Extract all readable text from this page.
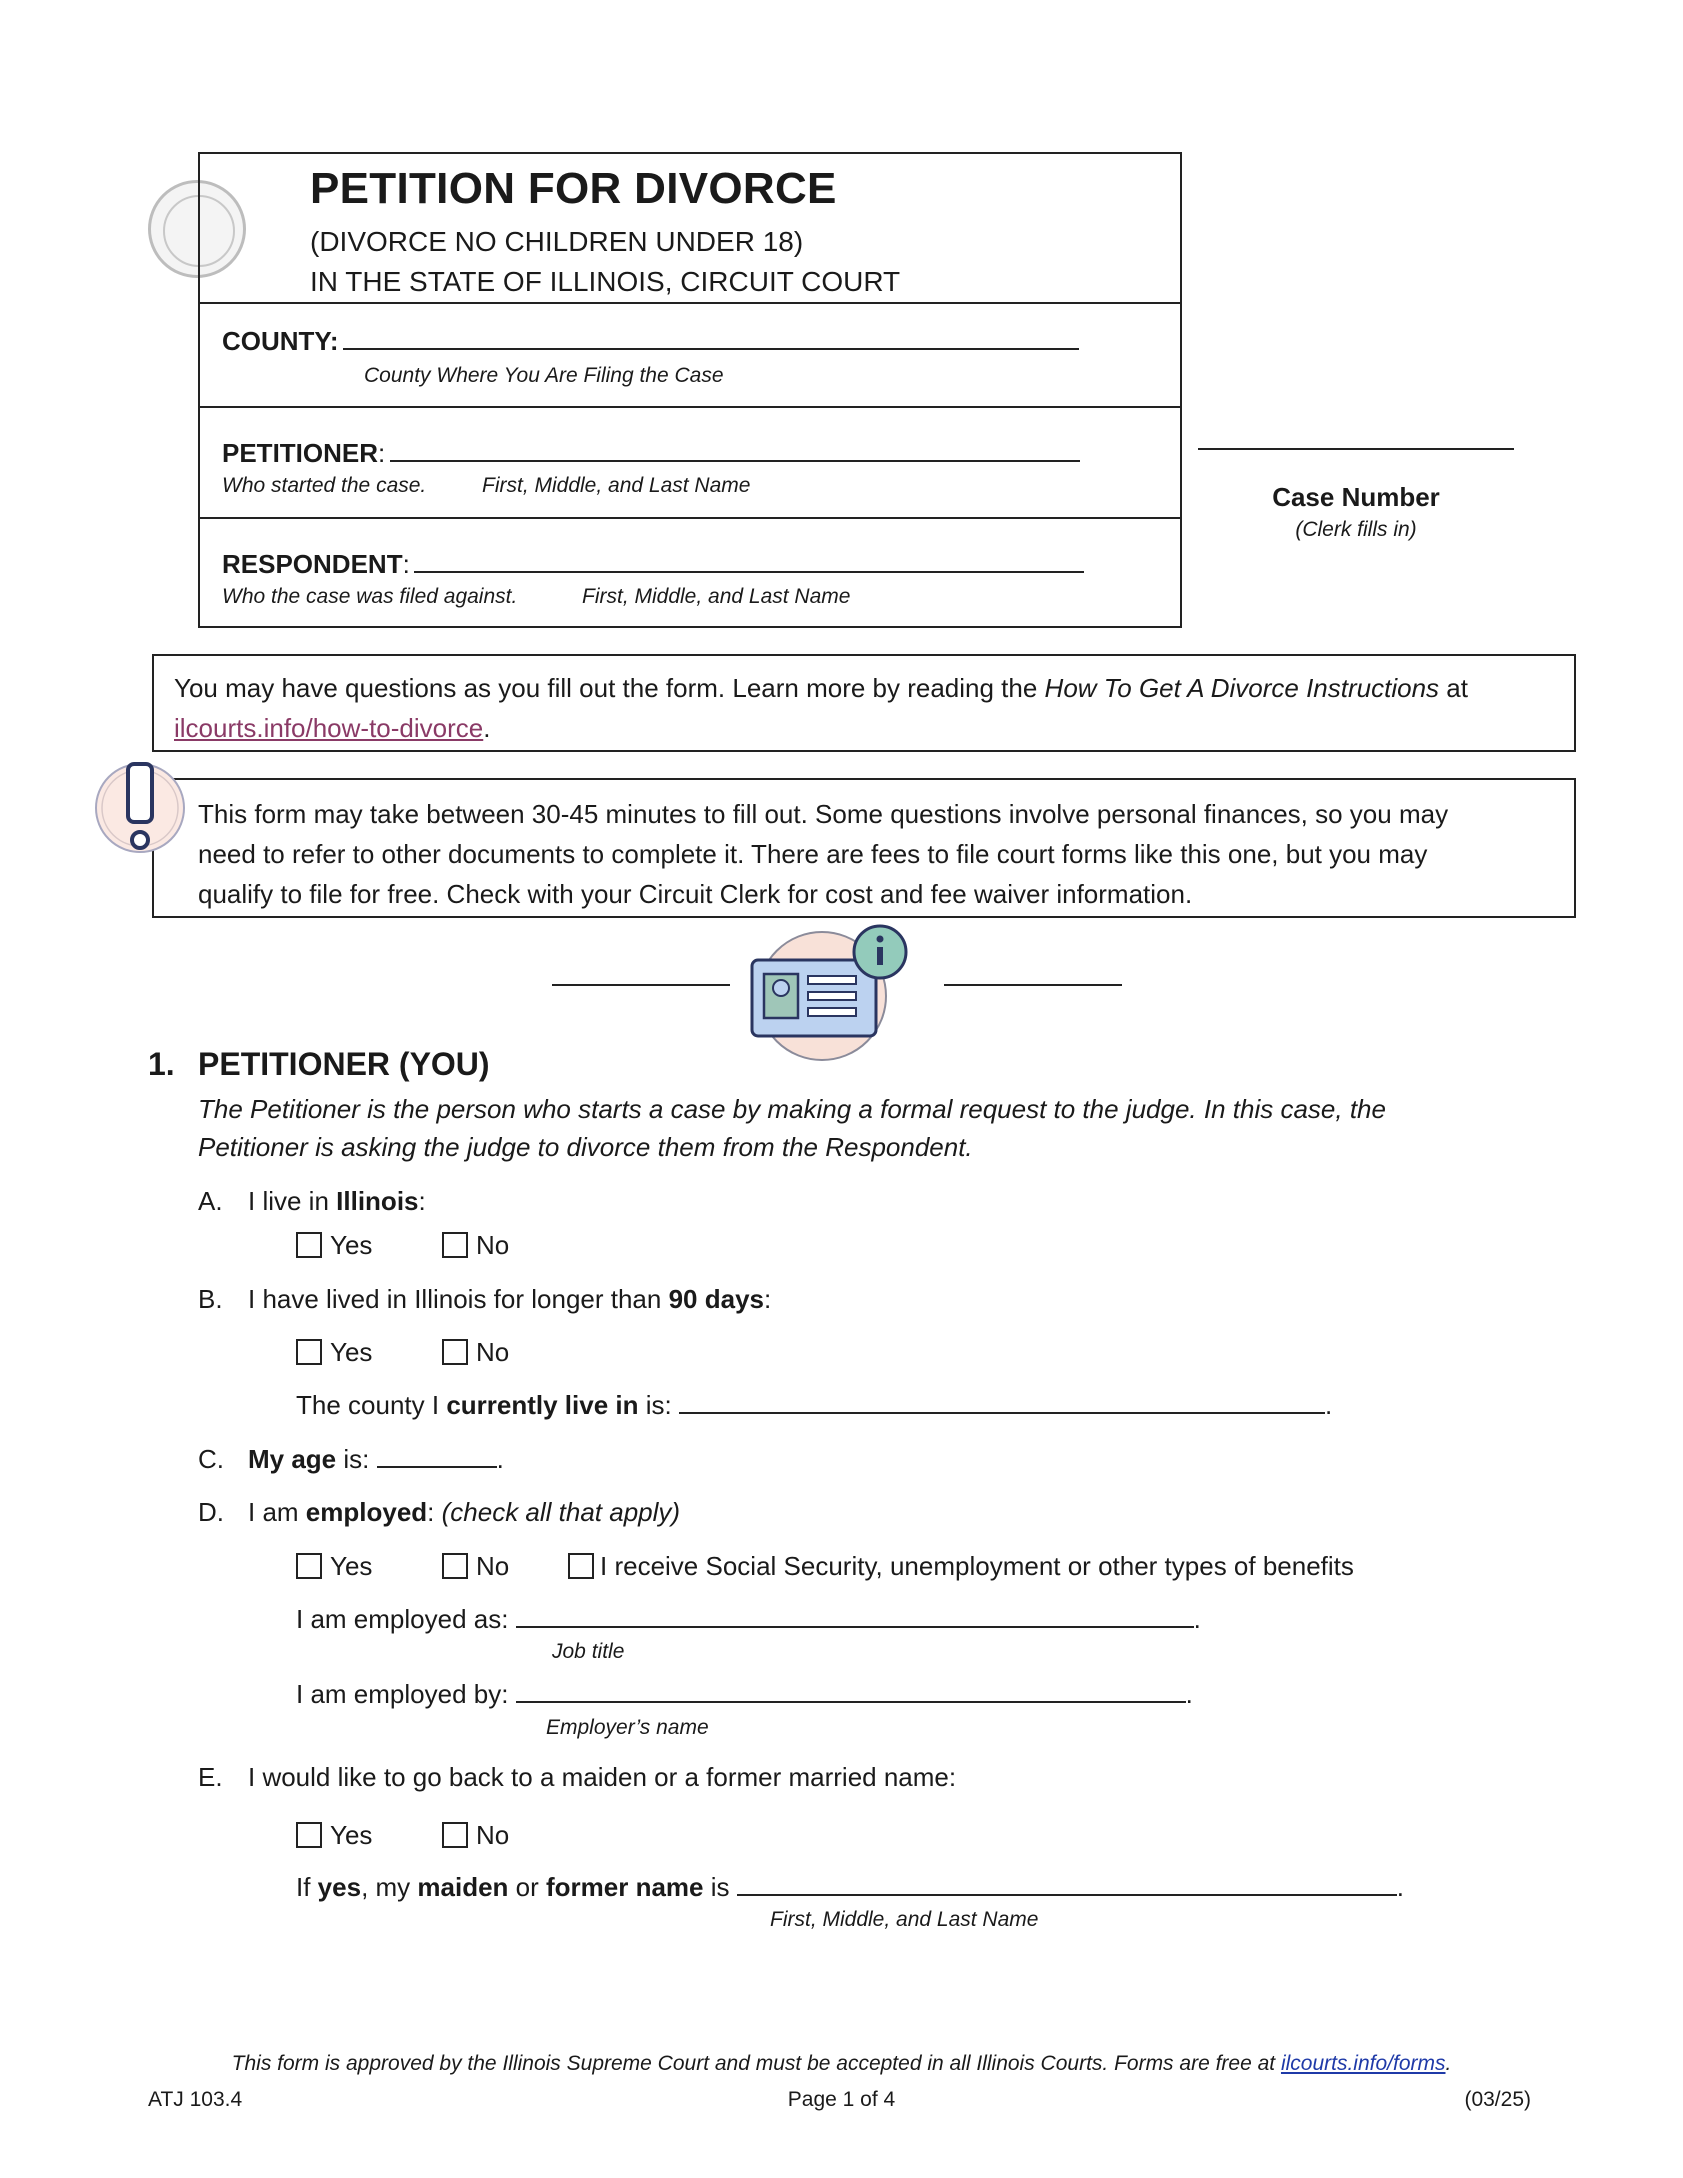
PETITION FOR DIVORCE
(DIVORCE NO CHILDREN UNDER 18)
IN THE STATE OF ILLINOIS, CIRCUIT COURT
COUNTY:
County Where You Are Filing the Case
PETITIONER:
Who started the case.	First, Middle, and Last Name
RESPONDENT:
Who the case was filed against.	First, Middle, and Last Name
Case Number
(Clerk fills in)
You may have questions as you fill out the form. Learn more by reading the How To Get A Divorce Instructions at
ilcourts.info/how-to-divorce.
This form may take between 30-45 minutes to fill out. Some questions involve personal finances, so you may
need to refer to other documents to complete it. There are fees to file court forms like this one, but you may
qualify to file for free. Check with your Circuit Clerk for cost and fee waiver information.
1. PETITIONER (YOU)
The Petitioner is the person who starts a case by making a formal request to the judge. In this case, the
Petitioner is asking the judge to divorce them from the Respondent.
A. I live in Illinois:
Yes	No
B. I have lived in Illinois for longer than 90 days:
Yes	No
The county I currently live in is:	.
C. My age is:	.
D. I am employed: (check all that apply)
Yes	No	I receive Social Security, unemployment or other types of benefits
I am employed as:	.
Job title
I am employed by:	.
Employer’s name
E. I would like to go back to a maiden or a former married name:
Yes	No
If yes, my maiden or former name is	.
First, Middle, and Last Name
This form is approved by the Illinois Supreme Court and must be accepted in all Illinois Courts. Forms are free at ilcourts.info/forms.
ATJ 103.4	Page 1 of 4	(03/25)
